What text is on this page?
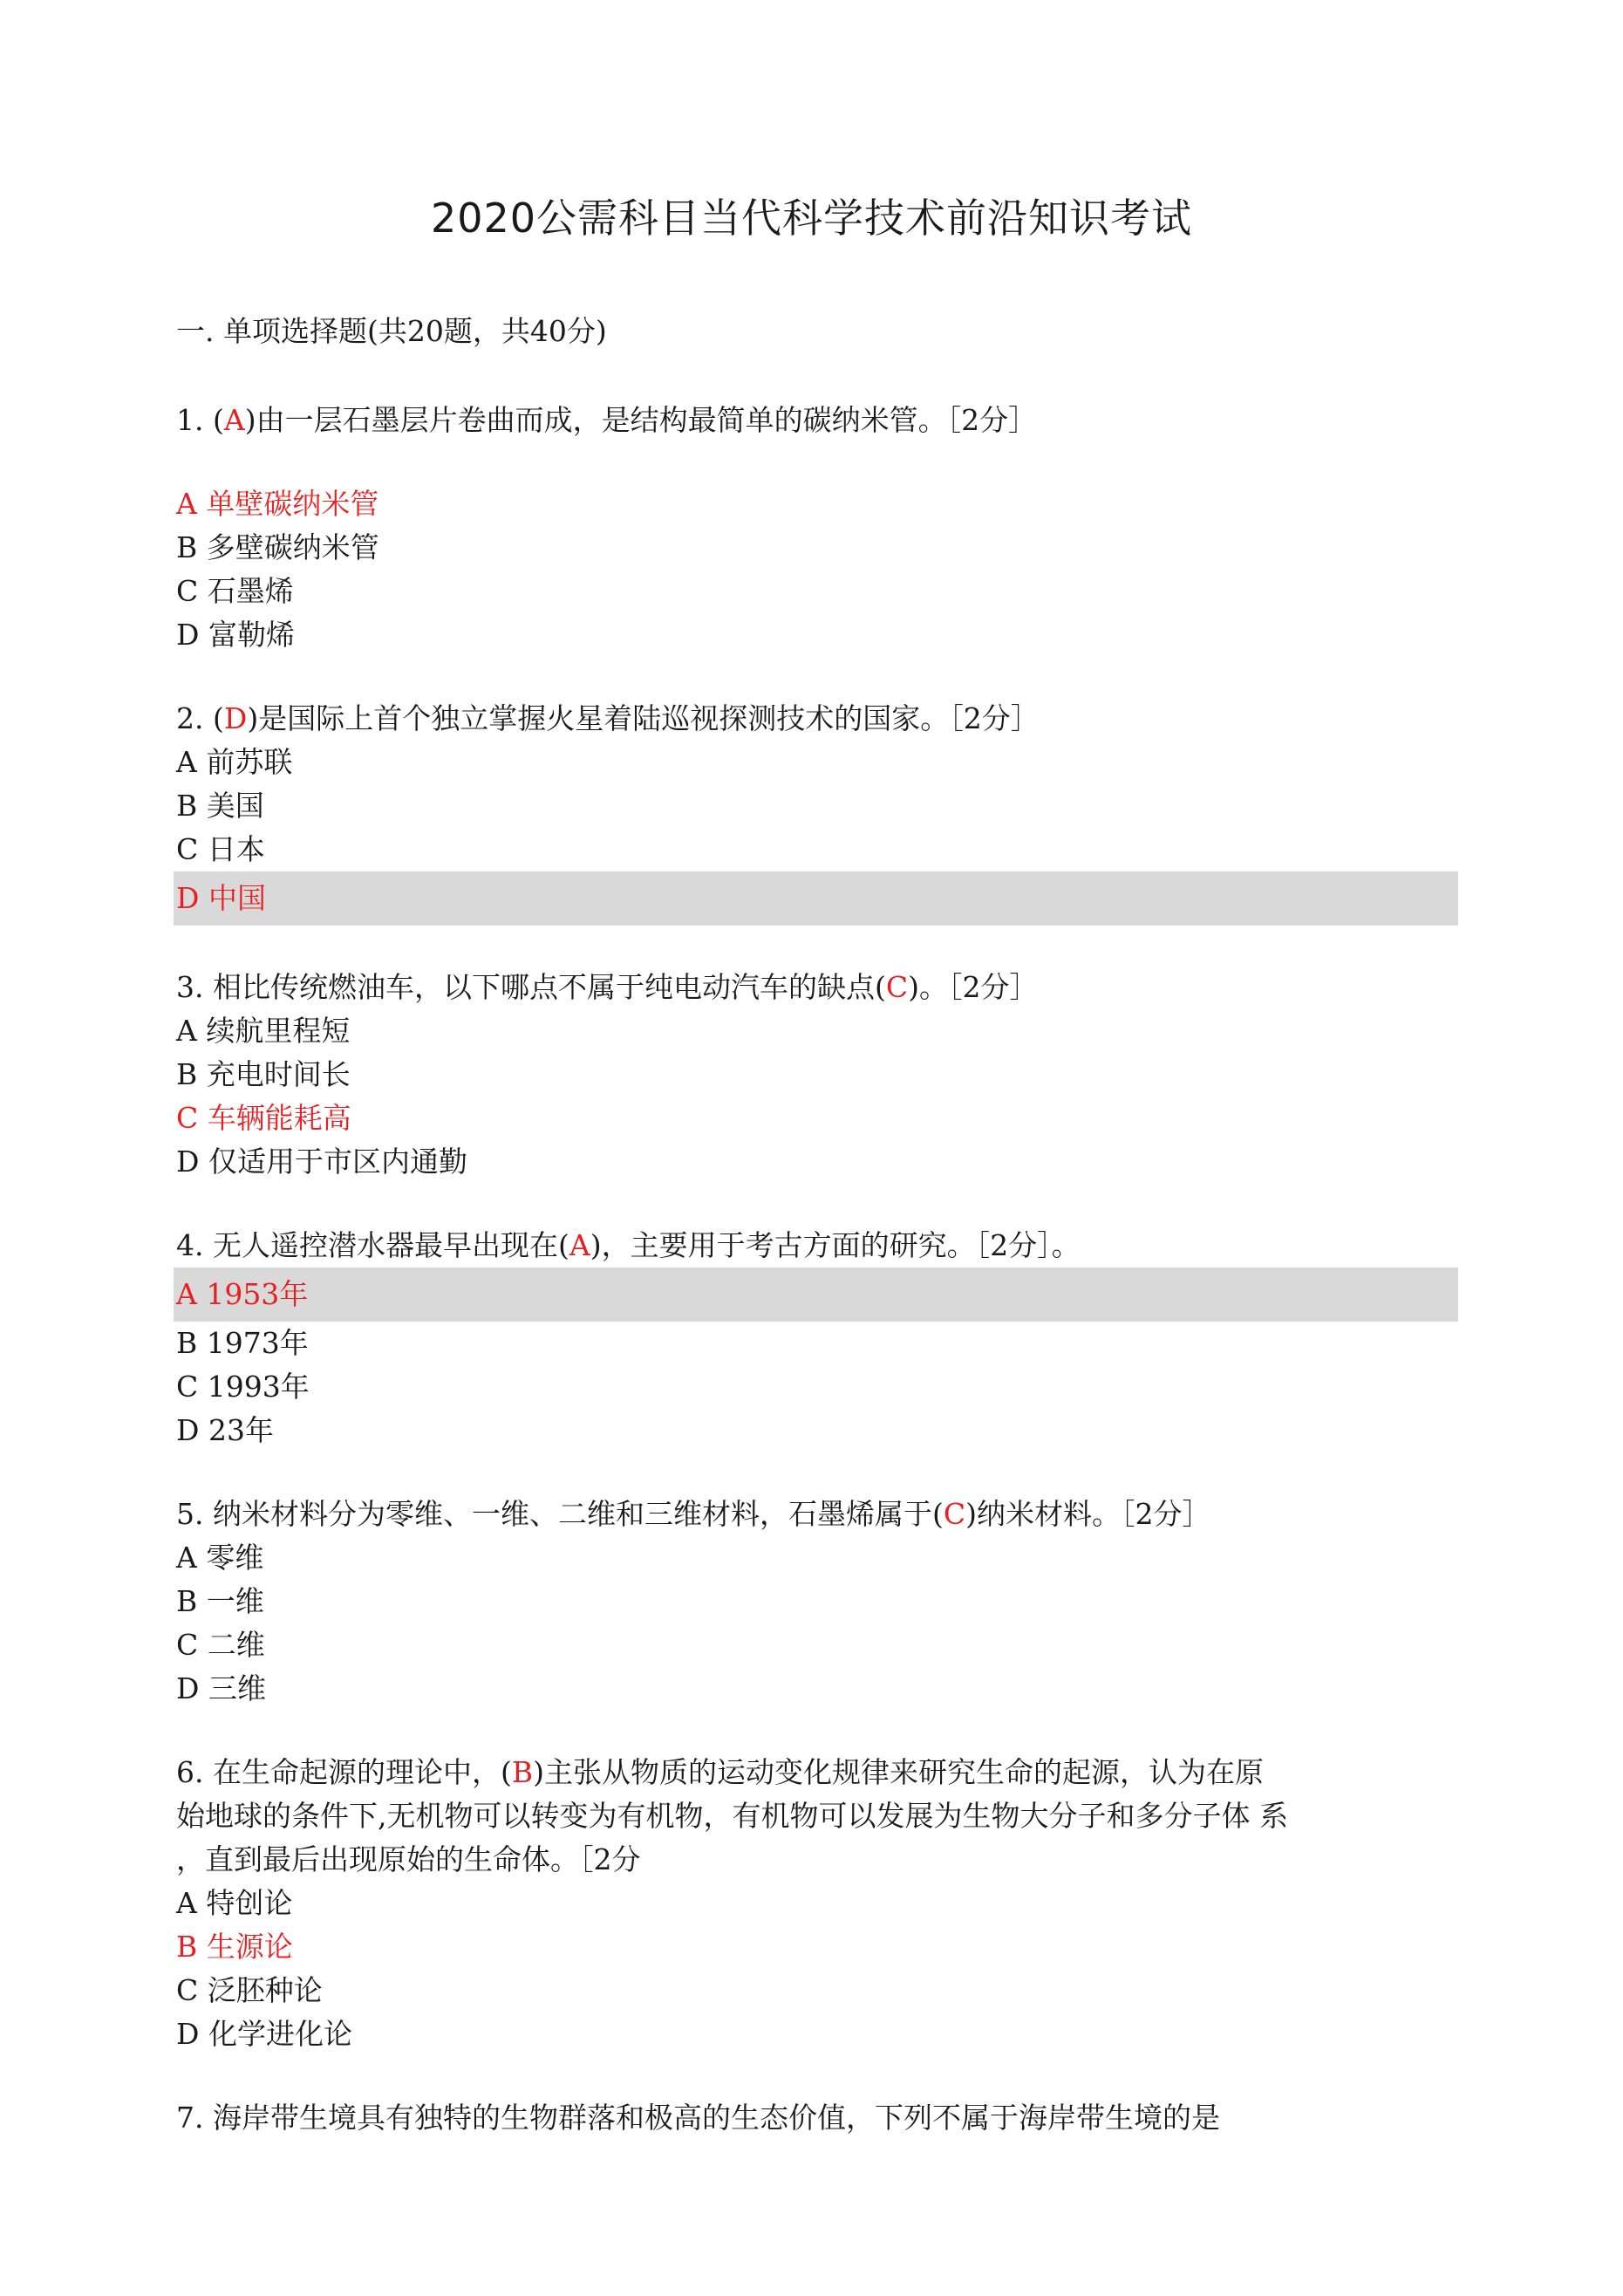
2020公需科目当代科学技术前沿知识考试
一. 单项选择题(共20题，共40分)
1. (A)由一层石墨层片卷曲而成，是结构最简单的碳纳米管。［2分］
A 单壁碳纳米管
B 多壁碳纳米管
C 石墨烯
D 富勒烯
2. (D)是国际上首个独立掌握火星着陆巡视探测技术的国家。［2分］
A 前苏联
B 美国
C 日本
D 中国
3. 相比传统燃油车，以下哪点不属于纯电动汽车的缺点(C)。［2分］
A 续航里程短
B 充电时间长
C 车辆能耗高
D 仅适用于市区内通勤
4. 无人遥控潜水器最早出现在(A)，主要用于考古方面的研究。［2分］。
A 1953年
B 1973年
C 1993年
D 23年
5. 纳米材料分为零维、一维、二维和三维材料，石墨烯属于(C)纳米材料。［2分］
A 零维
B 一维
C 二维
D 三维
6. 在生命起源的理论中，(B)主张从物质的运动变化规律来研究生命的起源，认为在原
始地球的条件下,无机物可以转变为有机物，有机物可以发展为生物大分子和多分子体 系
，直到最后出现原始的生命体。［2分
A 特创论
B 生源论
C 泛胚种论
D 化学进化论
7. 海岸带生境具有独特的生物群落和极高的生态价值，下列不属于海岸带生境的是
